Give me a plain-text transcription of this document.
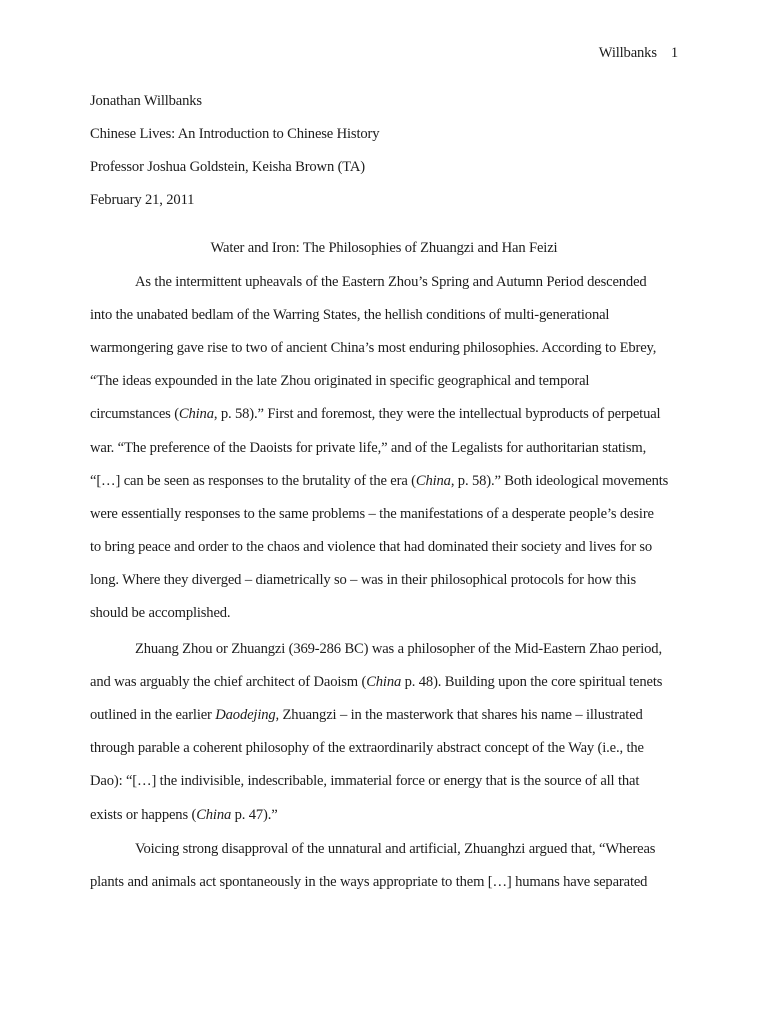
Willbanks    1
Jonathan Willbanks
Chinese Lives: An Introduction to Chinese History
Professor Joshua Goldstein, Keisha Brown (TA)
February 21, 2011
Water and Iron: The Philosophies of Zhuangzi and Han Feizi
As the intermittent upheavals of the Eastern Zhou’s Spring and Autumn Period descended
into the unabated bedlam of the Warring States, the hellish conditions of multi-generational
warmongering gave rise to two of ancient China’s most enduring philosophies. According to Ebrey,
“The ideas expounded in the late Zhou originated in specific geographical and temporal
circumstances (China, p. 58).” First and foremost, they were the intellectual byproducts of perpetual
war. “The preference of the Daoists for private life,” and of the Legalists for authoritarian statism,
“[…] can be seen as responses to the brutality of the era (China, p. 58).” Both ideological movements
were essentially responses to the same problems – the manifestations of a desperate people’s desire
to bring peace and order to the chaos and violence that had dominated their society and lives for so
long. Where they diverged – diametrically so – was in their philosophical protocols for how this
should be accomplished.
Zhuang Zhou or Zhuangzi (369-286 BC) was a philosopher of the Mid-Eastern Zhao period,
and was arguably the chief architect of Daoism (China p. 48). Building upon the core spiritual tenets
outlined in the earlier Daodejing, Zhuangzi – in the masterwork that shares his name – illustrated
through parable a coherent philosophy of the extraordinarily abstract concept of the Way (i.e., the
Dao): “[…] the indivisible, indescribable, immaterial force or energy that is the source of all that
exists or happens (China p. 47).”
Voicing strong disapproval of the unnatural and artificial, Zhuanghzi argued that, “Whereas
plants and animals act spontaneously in the ways appropriate to them […] humans have separated
